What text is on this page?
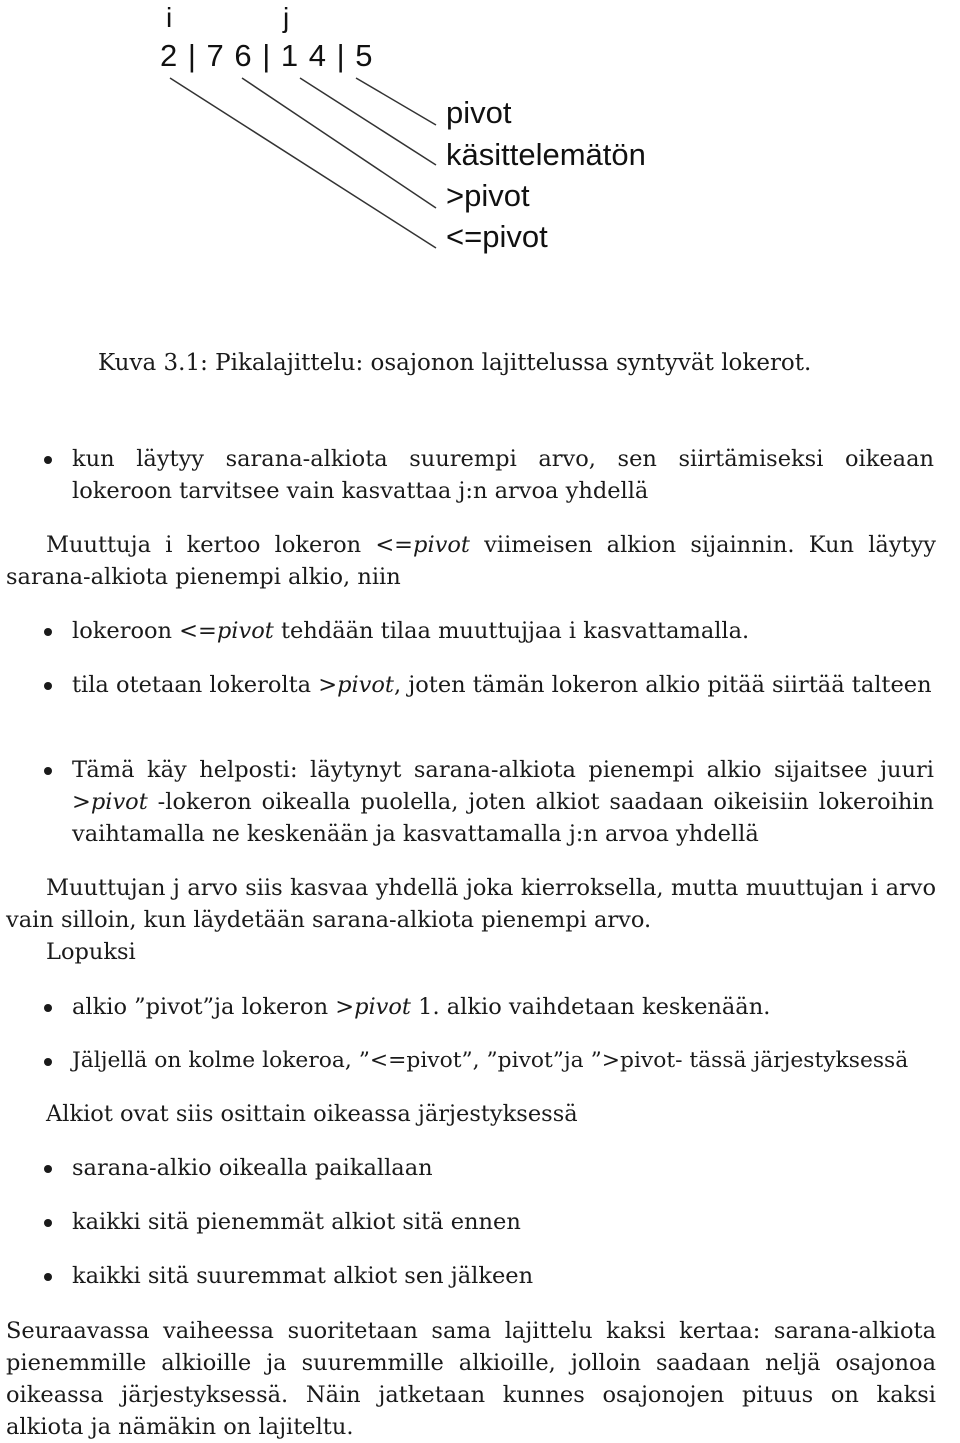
i	j
2 | 7 6 | 1 4 | 5
pivot
käsittelemätön
>pivot
<=pivot
Kuva 3.1: Pikalajittelu: osajonon lajittelussa syntyvät lokerot.
kun läytyy sarana-alkiota suurempi arvo, sen siirtämiseksi oikeaan lokeroon tarvitsee vain kasvattaa j:n arvoa yhdellä
Muuttuja i kertoo lokeron <=pivot viimeisen alkion sijainnin. Kun läytyy sarana-alkiota pienempi alkio, niin
lokeroon <=pivot tehdään tilaa muuttujjaa i kasvattamalla.
tila otetaan lokerolta >pivot, joten tämän lokeron alkio pitää siirtää talteen
Tämä käy helposti: läytynyt sarana-alkiota pienempi alkio sijaitsee juuri >pivot -lokeron oikealla puolella, joten alkiot saadaan oikeisiin lokeroihin vaihtamalla ne keskenään ja kasvattamalla j:n arvoa yhdellä
Muuttujan j arvo siis kasvaa yhdellä joka kierroksella, mutta muuttujan i arvo vain silloin, kun läydetään sarana-alkiota pienempi arvo.
Lopuksi
alkio ”pivot”ja lokeron >pivot 1. alkio vaihdetaan keskenään.
Jäljellä on kolme lokeroa, ”<=pivot”, ”pivot”ja ”>pivot- tässä järjestyksessä
Alkiot ovat siis osittain oikeassa järjestyksessä
sarana-alkio oikealla paikallaan
kaikki sitä pienemmät alkiot sitä ennen
kaikki sitä suuremmat alkiot sen jälkeen
Seuraavassa vaiheessa suoritetaan sama lajittelu kaksi kertaa: sarana-alkiota pienemmille alkioille ja suuremmille alkioille, jolloin saadaan neljä osajonoa oikeassa järjestyksessä. Näin jatketaan kunnes osajonojen pituus on kaksi alkiota ja nämäkin on lajiteltu.
